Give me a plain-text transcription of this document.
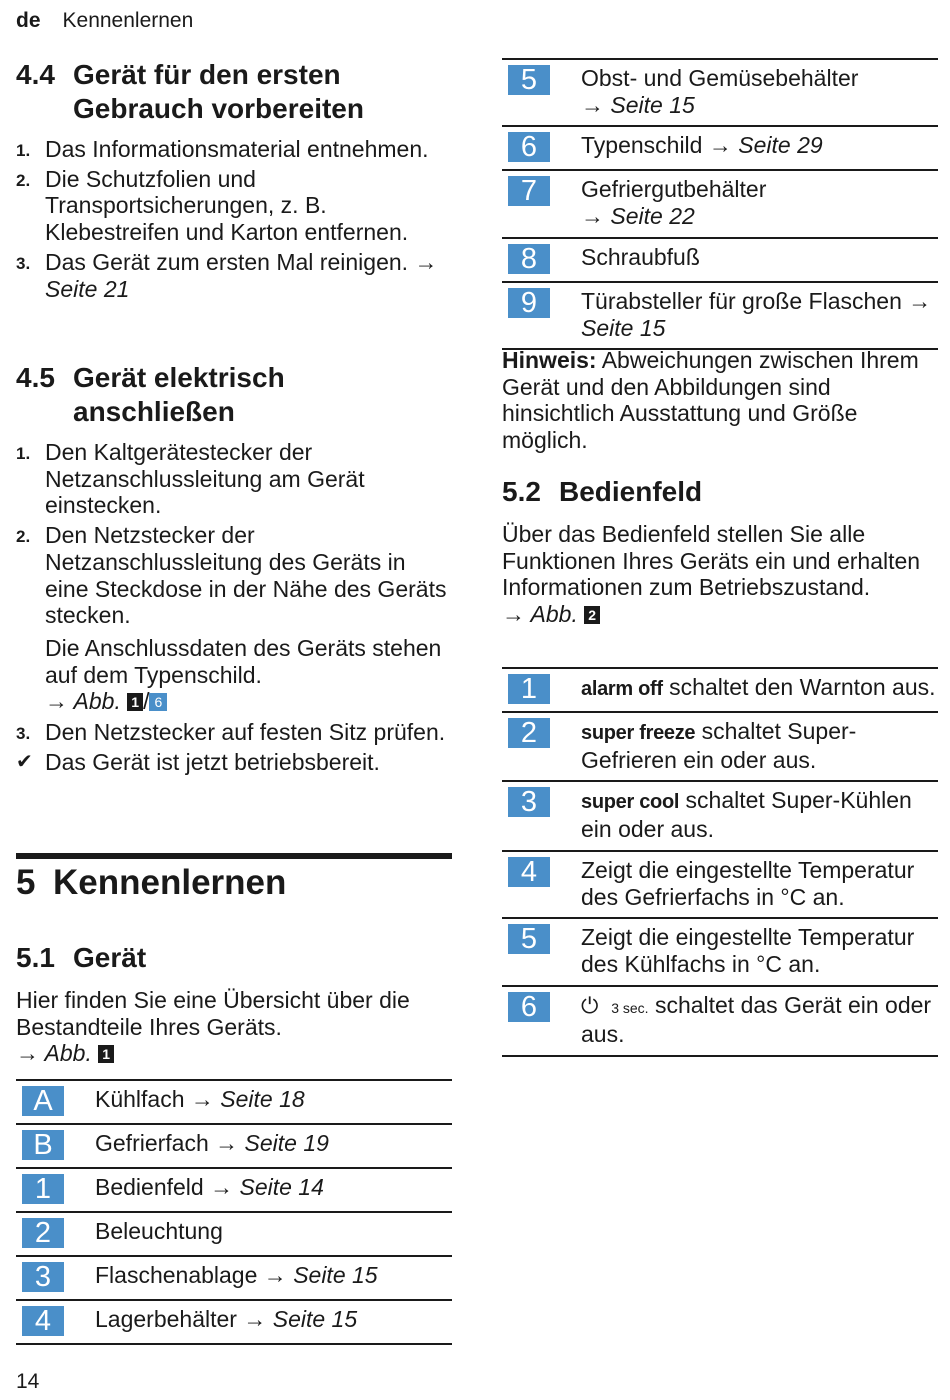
de Kennenlernen
4.4 Gerät für den ersten Gebrauch vorbereiten
1. Das Informationsmaterial entnehmen.
2. Die Schutzfolien und Transportsicherungen, z. B. Klebestreifen und Karton entfernen.
3. Das Gerät zum ersten Mal reinigen. → Seite 21
4.5 Gerät elektrisch anschließen
1. Den Kaltgerätestecker der Netzanschlussleitung am Gerät einstecken.
2. Den Netzstecker der Netzanschlussleitung des Geräts in eine Steckdose in der Nähe des Geräts stecken.
Die Anschlussdaten des Geräts stehen auf dem Typenschild.
→ Abb. 1 / 6
3. Den Netzstecker auf festen Sitz prüfen.
✔ Das Gerät ist jetzt betriebsbereit.
5 Kennenlernen
5.1 Gerät

Hier finden Sie eine Übersicht über die Bestandteile Ihres Geräts.

→ Abb. 1

A	Kühlfach → Seite 18
B	Gefrierfach → Seite 19
1	Bedienfeld → Seite 14
2	Beleuchtung
3	Flaschenablage → Seite 15
4	Lagerbehälter → Seite 15
5	Obst- und Gemüsebehälter
→ Seite 15
6	Typenschild → Seite 29
7	Gefriergutbehälter
→ Seite 22
8	Schraubfuß
9	Türabsteller für große Flaschen → Seite 15

Hinweis: Abweichungen zwischen Ihrem Gerät und den Abbildungen sind hinsichtlich Ausstattung und Größe möglich.

5.2 Bedienfeld

Über das Bedienfeld stellen Sie alle Funktionen Ihres Geräts ein und erhalten Informationen zum Betriebszustand.

→ Abb. 2

1	alarm off schaltet den Warnton aus.
2	super freeze schaltet Super-Gefrieren ein oder aus.
3	super cool schaltet Super-Kühlen ein oder aus.
4	Zeigt die eingestellte Temperatur des Gefrierfachs in °C an.
5	Zeigt die eingestellte Temperatur des Kühlfachs in °C an.
6	⏻ 3 sec. schaltet das Gerät ein oder aus.
14
